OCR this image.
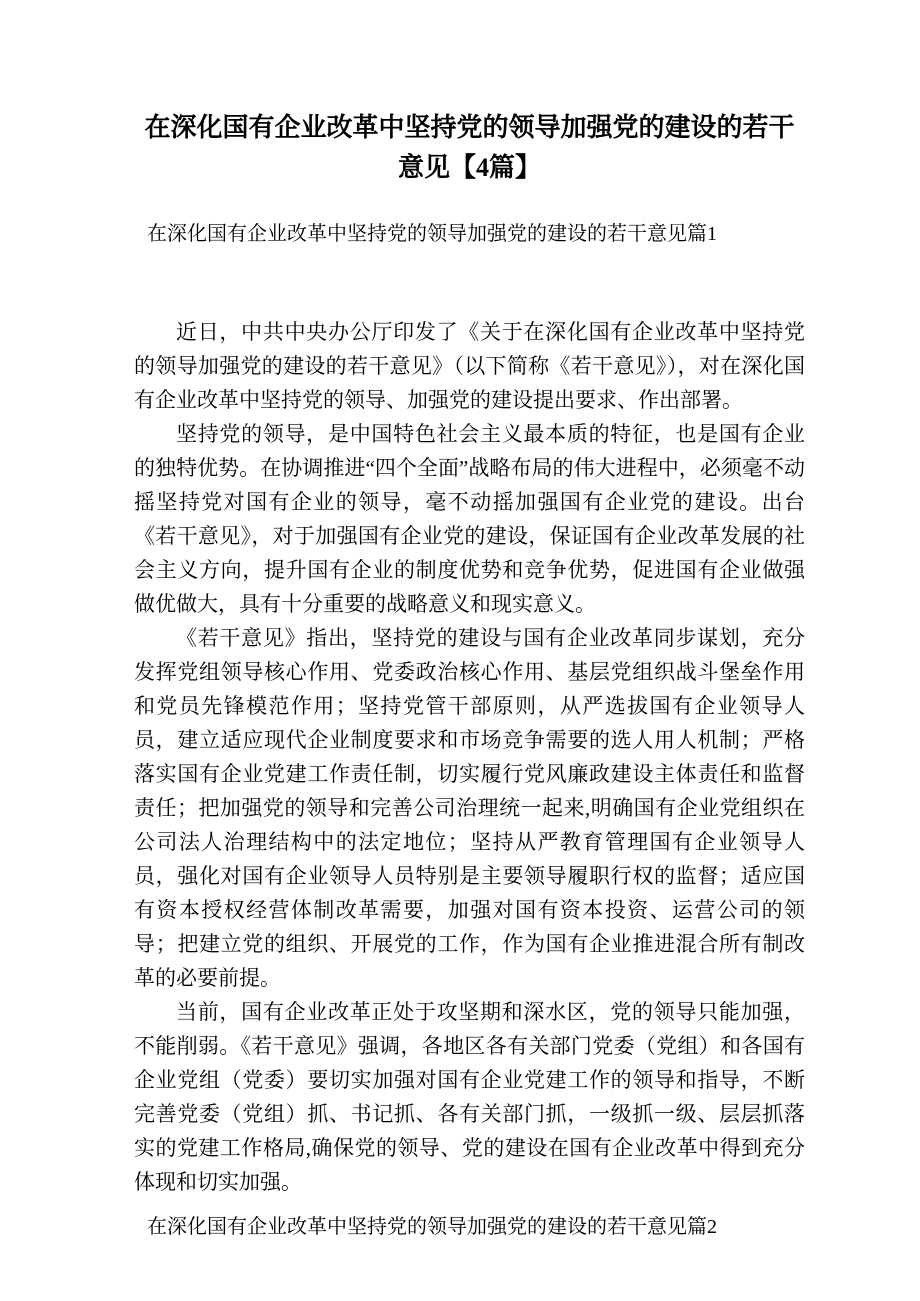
在深化国有企业改革中坚持党的领导加强党的建设的若干意见【4篇】
在深化国有企业改革中坚持党的领导加强党的建设的若干意见篇1

近日，中共中央办公厅印发了《关于在深化国有企业改革中坚持党的领导加强党的建设的若干意见》（以下简称《若干意见》），对在深化国有企业改革中坚持党的领导、加强党的建设提出要求、作出部署。

坚持党的领导，是中国特色社会主义最本质的特征，也是国有企业的独特优势。在协调推进“四个全面”战略布局的伟大进程中，必须毫不动摇坚持党对国有企业的领导，毫不动摇加强国有企业党的建设。出台《若干意见》，对于加强国有企业党的建设，保证国有企业改革发展的社会主义方向，提升国有企业的制度优势和竞争优势，促进国有企业做强做优做大，具有十分重要的战略意义和现实意义。

《若干意见》指出，坚持党的建设与国有企业改革同步谋划，充分发挥党组领导核心作用、党委政治核心作用、基层党组织战斗堡垒作用和党员先锋模范作用；坚持党管干部原则，从严选拔国有企业领导人员，建立适应现代企业制度要求和市场竞争需要的选人用人机制；严格落实国有企业党建工作责任制，切实履行党风廉政建设主体责任和监督责任；把加强党的领导和完善公司治理统一起来,明确国有企业党组织在公司法人治理结构中的法定地位；坚持从严教育管理国有企业领导人员，强化对国有企业领导人员特别是主要领导履职行权的监督；适应国有资本授权经营体制改革需要，加强对国有资本投资、运营公司的领导；把建立党的组织、开展党的工作，作为国有企业推进混合所有制改革的必要前提。

当前，国有企业改革正处于攻坚期和深水区，党的领导只能加强，不能削弱。《若干意见》强调，各地区各有关部门党委（党组）和各国有企业党组（党委）要切实加强对国有企业党建工作的领导和指导，不断完善党委（党组）抓、书记抓、各有关部门抓，一级抓一级、层层抓落实的党建工作格局,确保党的领导、党的建设在国有企业改革中得到充分体现和切实加强。

在深化国有企业改革中坚持党的领导加强党的建设的若干意见篇2
